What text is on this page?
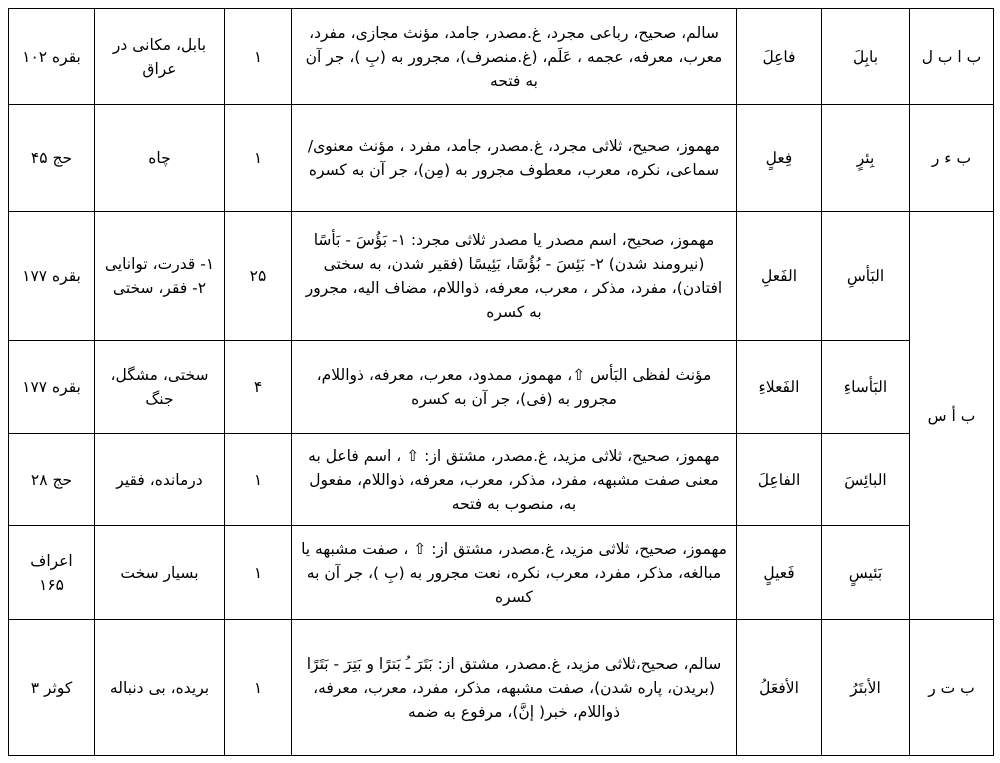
ب ا ب ل	بابِلَ	فاعِلَ	سالم، صحیح، رباعی مجرد، غ.مصدر، جامد، مؤنث مجازی، مفرد، معرب، معرفه، عجمه ، عَلَم، (غ.منصرف)، مجرور به (بِ )، جر آن به فتحه	۱	بابل، مکانی در عراق	بقره ۱۰۲

ب ء ر	بِئرٍ	فِعلٍ	مهموز، صحیح، ثلاثی مجرد، غ.مصدر، جامد، مفرد ، مؤنث معنوی/سماعی، نکره، معرب، معطوف مجرور به (مِن)، جر آن به کسره	۱	چاه	حج ۴۵

ب أ س	البَأسِ	الفَعلِ	مهموز، صحیح، اسم مصدر یا مصدر ثلاثی مجرد: ۱- بَؤُسَ - بَأسًا (نیرومند شدن) ۲- بَئِسَ - بُؤُسًا، بَئِیسًا (فقیر شدن، به سختی افتادن)، مفرد، مذکر ، معرب، معرفه، ذواللام، مضاف الیه، مجرور به کسره	۲۵	۱- قدرت، توانایی ۲- فقر، سختی	بقره ۱۷۷
	البَأساءِ	الفَعلاءِ	مؤنث لفظی البَأس ⇧، مهموز، ممدود، معرب، معرفه، ذواللام، مجرور به (فی)، جر آن به کسره	۴	سختی، مشگل، جنگ	بقره ۱۷۷
	البائِسَ	الفاعِلَ	مهموز، صحیح، ثلاثی مزید، غ.مصدر، مشتق از: ⇧ ، اسم فاعل به معنی صفت مشبهه، مفرد، مذکر، معرب، معرفه، ذواللام، مفعول به، منصوب به فتحه	۱	درمانده، فقیر	حج ۲۸
	بَئیسٍ	فَعیلٍ	مهموز، صحیح، ثلاثی مزید، غ.مصدر، مشتق از: ⇧ ، صفت مشبهه یا مبالغه، مذکر، مفرد، معرب، نکره، نعت مجرور به (بِ )، جر آن به کسره	۱	بسیار سخت	اعراف ۱۶۵

ب ت ر	الأبتَرُ	الأفعَلُ	سالم، صحیح،ثلاثی مزید، غ.مصدر، مشتق از: بَتَرَ ـُ بَترًا و بَتِرَ - بَتَرًا (بریدن، پاره شدن)، صفت مشبهه، مذکر، مفرد، معرب، معرفه، ذواللام، خبر( إنَّ)، مرفوع به ضمه	۱	بریده، بی دنباله	کوثر ۳
